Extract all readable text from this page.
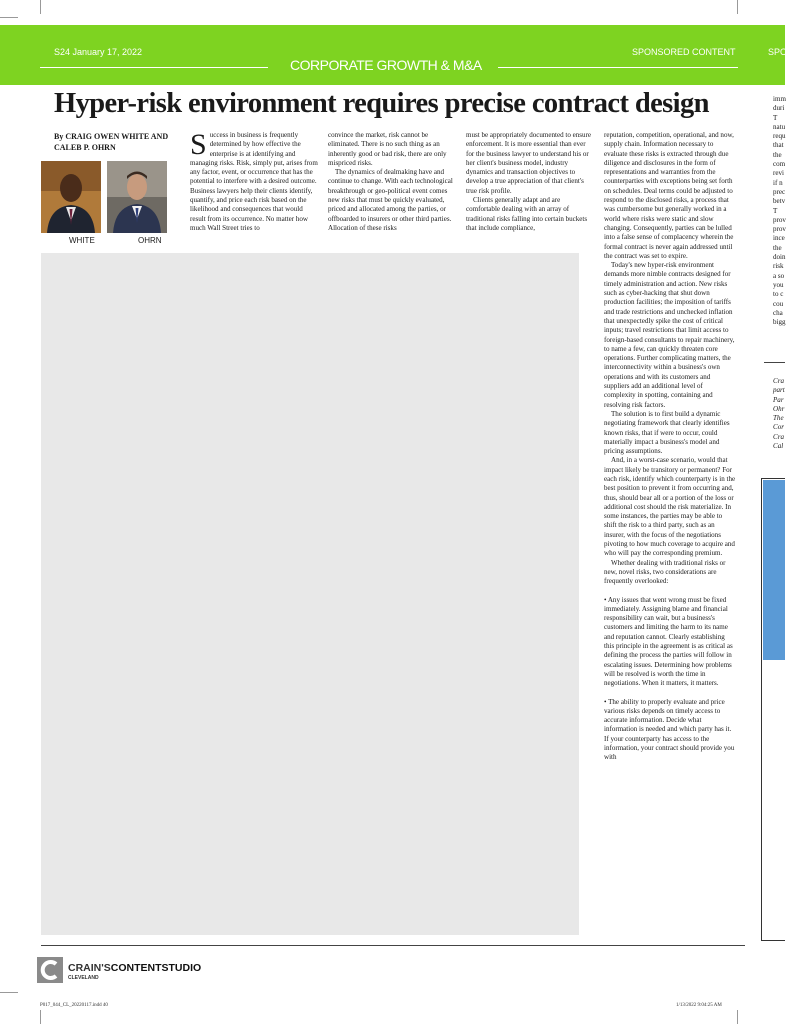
S24 January 17, 2022	SPONSORED CONTENT	SPO
CORPORATE GROWTH & M&A
Hyper-risk environment requires precise contract design
By CRAIG OWEN WHITE AND
CALEB P. OHRN
WHITE	OHRN
S uccess in business is frequently determined by how effective the enterprise is at identifying and managing risks. Risk, simply put, arises from any factor, event, or occurrence that has the potential to interfere with a desired outcome. Business lawyers help their clients identify, quantify, and price each risk based on the likelihood and consequences that would result from its occurrence. No matter how much Wall Street tries to

convince the market, risk cannot be eliminated. There is no such thing as an inherently good or bad risk, there are only mispriced risks.

The dynamics of dealmaking have and continue to change. With each technological breakthrough or geo-political event comes new risks that must be quickly evaluated, priced and allocated among the parties, or offboarded to insurers or other third parties. Allocation of these risks

must be appropriately documented to ensure enforcement. It is more essential than ever for the business lawyer to understand his or her client's business model, industry dynamics and transaction objectives to develop a true appreciation of that client's true risk profile.

Clients generally adapt and are comfortable dealing with an array of traditional risks falling into certain buckets that include compliance,

reputation, competition, operational, and now, supply chain. Information necessary to evaluate these risks is extracted through due diligence and disclosures in the form of representations and warranties from the counterparties with exceptions being set forth on schedules. Deal terms could be adjusted to respond to the disclosed risks, a process that was cumbersome but generally worked in a world where risks were static and slow changing. Consequently, parties can be lulled into a false sense of complacency wherein the formal contract is never again addressed until the contract was set to expire.

Today's new hyper-risk environment demands more nimble contracts designed for timely administration and action. New risks such as cyber-hacking that shut down production facilities; the imposition of tariffs and trade restrictions and unchecked inflation that unexpectedly spike the cost of critical inputs; travel restrictions that limit access to foreign-based consultants to repair machinery, to name a few, can quickly threaten core operations. Further complicating matters, the interconnectivity within a business's own operations and with its customers and suppliers add an additional level of complexity in spotting, containing and resolving risk factors.

The solution is to first build a dynamic negotiating framework that clearly identifies known risks, that if were to occur, could materially impact a business's model and pricing assumptions.

And, in a worst-case scenario, would that impact likely be transitory or permanent? For each risk, identify which counterparty is in the best position to prevent it from occurring and, thus, should bear all or a portion of the loss or additional cost should the risk materialize. In some instances, the parties may be able to shift the risk to a third party, such as an insurer, with the focus of the negotiations pivoting to how much coverage to acquire and who will pay the corresponding premium.

Whether dealing with traditional risks or new, novel risks, two considerations are frequently overlooked:

• Any issues that went wrong must be fixed immediately. Assigning blame and financial responsibility can wait, but a business's customers and limiting the harm to its name and reputation cannot. Clearly establishing this principle in the agreement is as critical as defining the process the parties will follow in escalating issues. Determining how problems will be resolved is worth the time in negotiations. When it matters, it matters.

• The ability to properly evaluate and price various risks depends on timely access to accurate information. Decide what information is needed and which party has it. If your counterparty has access to the information, your contract should provide you with

imm
duri
T
natu
requ
that
the
com
revi
if n
prec
betv
T
prov
prov
ince
the
doin
risk
a so
you
to c
cou
cha
bigg
Cra
part
Par
Ohr
The
Cor
Cra
Cal
CRAIN'SCONTENTSTUDIO
CLEVELAND
P017_044_CL_20220117.indd 40	1/13/2022 9:04:25 AM
